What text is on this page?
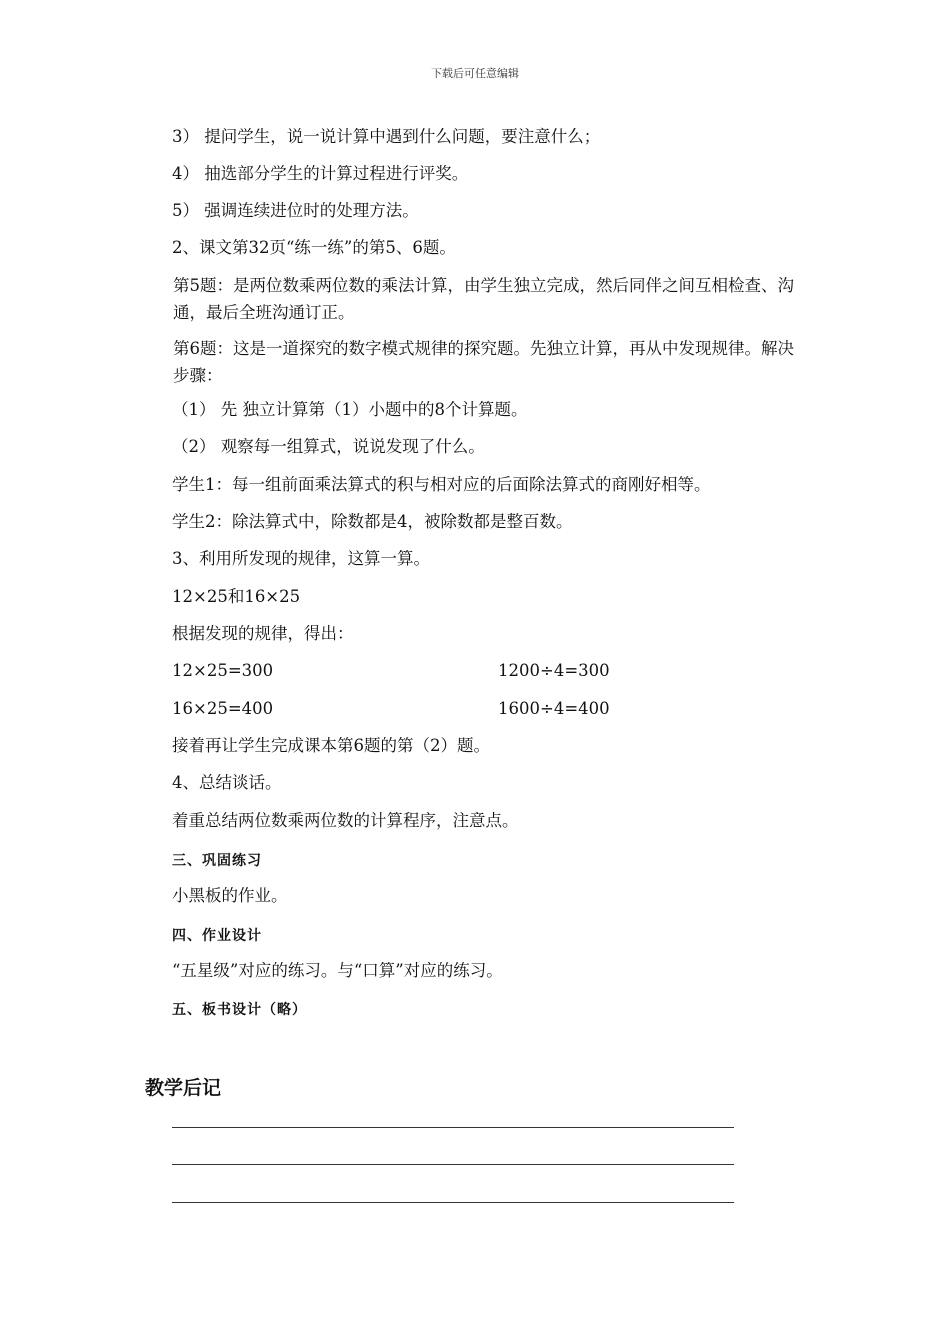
下载后可任意编辑
3） 提问学生，说一说计算中遇到什么问题，要注意什么；
4） 抽选部分学生的计算过程进行评奖。
5） 强调连续进位时的处理方法。
2、课文第32页“练一练”的第5、6题。
第5题：是两位数乘两位数的乘法计算，由学生独立完成，然后同伴之间互相检查、沟通，最后全班沟通订正。
第6题：这是一道探究的数字模式规律的探究题。先独立计算，再从中发现规律。解决步骤：
（1） 先 独立计算第（1）小题中的8个计算题。
（2） 观察每一组算式，说说发现了什么。
学生1：每一组前面乘法算式的积与相对应的后面除法算式的商刚好相等。
学生2：除法算式中，除数都是4，被除数都是整百数。
3、利用所发现的规律，这算一算。
12×25和16×25
根据发现的规律，得出：
12×25=300	1200÷4=300
16×25=400	1600÷4=400
接着再让学生完成课本第6题的第（2）题。
4、总结谈话。
着重总结两位数乘两位数的计算程序，注意点。
三、巩固练习
小黑板的作业。
四、作业设计
“五星级”对应的练习。与“口算”对应的练习。
五、板书设计（略）
教学后记
